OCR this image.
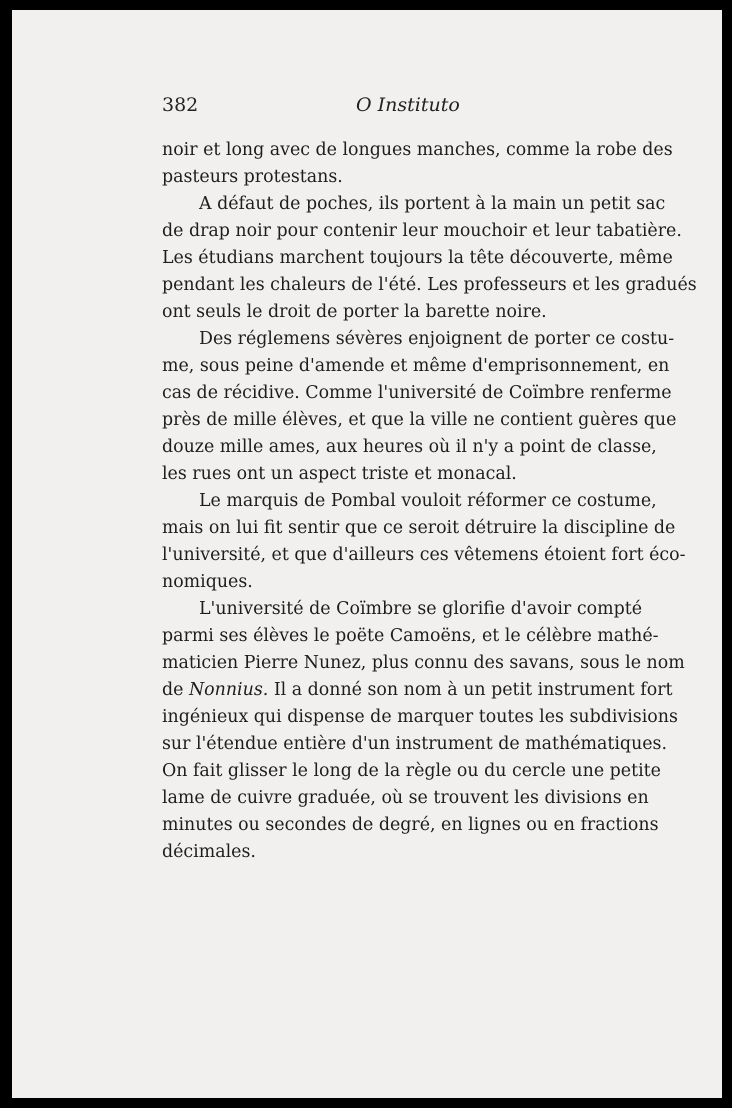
382	O Instituto
noir et long avec de longues manches, comme la robe des
pasteurs protestans.
A défaut de poches, ils portent à la main un petit sac
de drap noir pour contenir leur mouchoir et leur tabatière.
Les étudians marchent toujours la tête découverte, même
pendant les chaleurs de l'été. Les professeurs et les gradués
ont seuls le droit de porter la barette noire.
Des réglemens sévères enjoignent de porter ce costu-
me, sous peine d'amende et même d'emprisonnement, en
cas de récidive. Comme l'université de Coïmbre renferme
près de mille élèves, et que la ville ne contient guères que
douze mille ames, aux heures où il n'y a point de classe,
les rues ont un aspect triste et monacal.
Le marquis de Pombal vouloit réformer ce costume,
mais on lui fit sentir que ce seroit détruire la discipline de
l'université, et que d'ailleurs ces vêtemens étoient fort éco-
nomiques.
L'université de Coïmbre se glorifie d'avoir compté
parmi ses élèves le poëte Camoëns, et le célèbre mathé-
maticien Pierre Nunez, plus connu des savans, sous le nom
de Nonnius. Il a donné son nom à un petit instrument fort
ingénieux qui dispense de marquer toutes les subdivisions
sur l'étendue entière d'un instrument de mathématiques.
On fait glisser le long de la règle ou du cercle une petite
lame de cuivre graduée, où se trouvent les divisions en
minutes ou secondes de degré, en lignes ou en fractions
décimales.
